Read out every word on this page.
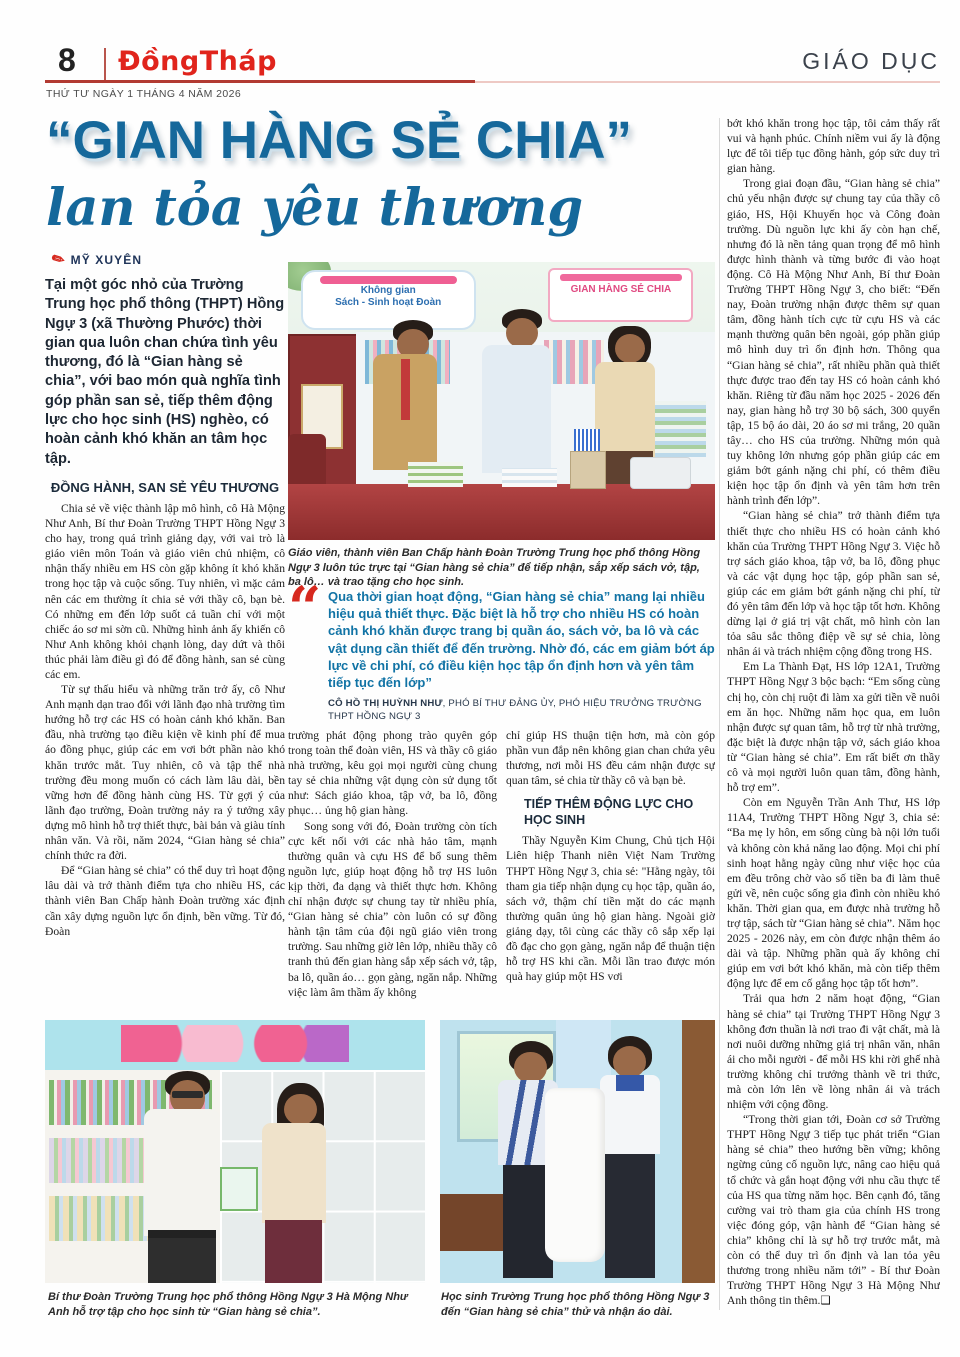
8 ĐồngTháp
THỨ TƯ NGÀY 1 THÁNG 4 NĂM 2026
GIÁO DỤC
“GIAN HÀNG SẺ CHIA”
lan tỏa yêu thương
✎ MỸ XUYÊN

Tại một góc nhỏ của Trường Trung học phổ thông (THPT) Hồng Ngự 3 (xã Thường Phước) thời gian qua luôn chan chứa tình yêu thương, đó là “Gian hàng sẻ chia”, với bao món quà nghĩa tình góp phần san sẻ, tiếp thêm động lực cho học sinh (HS) nghèo, có hoàn cảnh khó khăn an tâm học tập.

ĐỒNG HÀNH, SAN SẺ YÊU THƯƠNG

Chia sẻ về việc thành lập mô hình, cô Hà Mộng Như Anh, Bí thư Đoàn Trường THPT Hồng Ngự 3 cho hay, trong quá trình giảng dạy, với vai trò là giáo viên môn Toán và giáo viên chủ nhiệm, cô nhận thấy nhiều em HS còn gặp không ít khó khăn trong học tập và cuộc sống. Tuy nhiên, vì mặc cảm nên các em thường ít chia sẻ với thầy cô, bạn bè. Có những em đến lớp suốt cả tuần chỉ với một chiếc áo sơ mi sờn cũ. Những hình ảnh ấy khiến cô Như Anh không khỏi chạnh lòng, day dứt và thôi thúc phải làm điều gì đó để đồng hành, san sẻ cùng các em.

Từ sự thấu hiểu và những trăn trở ấy, cô Như Anh mạnh dạn trao đổi với lãnh đạo nhà trường tìm hướng hỗ trợ các HS có hoàn cảnh khó khăn. Ban đầu, nhà trường tạo điều kiện về kinh phí để mua áo đồng phục, giúp các em vơi bớt phần nào khó khăn trước mắt. Tuy nhiên, cô và tập thể nhà trường đều mong muốn có cách làm lâu dài, bền vững hơn để đồng hành cùng HS. Từ gợi ý của lãnh đạo trường, Đoàn trường nảy ra ý tưởng xây dựng mô hình hỗ trợ thiết thực, bài bản và giàu tính nhân văn. Và rồi, năm 2024, “Gian hàng sẻ chia” chính thức ra đời.

Để “Gian hàng sẻ chia” có thể duy trì hoạt động lâu dài và trở thành điểm tựa cho nhiều HS, các thành viên Ban Chấp hành Đoàn trường xác định cần xây dựng nguồn lực ổn định, bền vững. Từ đó, Đoàn

Không gian
Sách - Sinh hoạt Đoàn
GIAN HÀNG SẺ CHIA
Giáo viên, thành viên Ban Chấp hành Đoàn Trường Trung học phổ thông Hồng Ngự 3 luôn túc trực tại “Gian hàng sẻ chia” để tiếp nhận, sắp xếp sách vở, tập, ba lô… và trao tặng cho học sinh.
“ Qua thời gian hoạt động, “Gian hàng sẻ chia” mang lại nhiều hiệu quả thiết thực. Đặc biệt là hỗ trợ cho nhiều HS có hoàn cảnh khó khăn được trang bị quần áo, sách vở, ba lô và các vật dụng cần thiết để đến trường. Nhờ đó, các em giảm bớt áp lực về chi phí, có điều kiện học tập ổn định hơn và yên tâm tiếp tục đến lớp”

CÔ HỒ THỊ HUỲNH NHƯ, PHÓ BÍ THƯ ĐẢNG ỦY, PHÓ HIỆU TRƯỞNG TRƯỜNG THPT HỒNG NGỰ 3

trường phát động phong trào quyên góp trong toàn thể đoàn viên, HS và thầy cô giáo nhà trường, kêu gọi mọi người cùng chung tay sẻ chia những vật dụng còn sử dụng tốt như: Sách giáo khoa, tập vở, ba lô, đồng phục… ủng hộ gian hàng.

Song song với đó, Đoàn trường còn tích cực kết nối với các nhà hảo tâm, mạnh thường quân và cựu HS để bổ sung thêm nguồn lực, giúp hoạt động hỗ trợ HS luôn kịp thời, đa dạng và thiết thực hơn. Không chỉ nhận được sự chung tay từ nhiều phía, “Gian hàng sẻ chia” còn luôn có sự đồng hành tận tâm của đội ngũ giáo viên trong trường. Sau những giờ lên lớp, nhiều thầy cô tranh thủ đến gian hàng sắp xếp sách vở, tập, ba lô, quần áo… gọn gàng, ngăn nắp. Những việc làm âm thầm ấy không

chỉ giúp HS thuận tiện hơn, mà còn góp phần vun đắp nên không gian chan chứa yêu thương, nơi mỗi HS đều cảm nhận được sự quan tâm, sẻ chia từ thầy cô và bạn bè.

TIẾP THÊM ĐỘNG LỰC CHO HỌC SINH

Thầy Nguyễn Kim Chung, Chủ tịch Hội Liên hiệp Thanh niên Việt Nam Trường THPT Hồng Ngự 3, chia sẻ: "Hằng ngày, tôi tham gia tiếp nhận dụng cụ học tập, quần áo, sách vở, thậm chí tiền mặt do các mạnh thường quân ủng hộ gian hàng. Ngoài giờ giảng dạy, tôi cùng các thầy cô sắp xếp lại đồ đạc cho gọn gàng, ngăn nắp để thuận tiện hỗ trợ HS khi cần. Mỗi lần trao được món quà hay giúp một HS vơi

bớt khó khăn trong học tập, tôi cảm thấy rất vui và hạnh phúc. Chính niềm vui ấy là động lực để tôi tiếp tục đồng hành, góp sức duy trì gian hàng.

Trong giai đoạn đầu, “Gian hàng sẻ chia” chủ yếu nhận được sự chung tay của thầy cô giáo, HS, Hội Khuyến học và Công đoàn trường. Dù nguồn lực khi ấy còn hạn chế, nhưng đó là nền tảng quan trọng để mô hình được hình thành và từng bước đi vào hoạt động. Cô Hà Mộng Như Anh, Bí thư Đoàn Trường THPT Hồng Ngự 3, cho biết: “Đến nay, Đoàn trường nhận được thêm sự quan tâm, đồng hành tích cực từ cựu HS và các mạnh thường quân bên ngoài, góp phần giúp mô hình duy trì ổn định hơn. Thông qua “Gian hàng sẻ chia”, rất nhiều phần quà thiết thực được trao đến tay HS có hoàn cảnh khó khăn. Riêng từ đầu năm học 2025 - 2026 đến nay, gian hàng hỗ trợ 30 bộ sách, 300 quyển tập, 15 bộ áo dài, 20 áo sơ mi trắng, 20 quần tây… cho HS của trường. Những món quà tuy không lớn nhưng góp phần giúp các em giảm bớt gánh nặng chi phí, có thêm điều kiện học tập ổn định và yên tâm hơn trên hành trình đến lớp”.

“Gian hàng sẻ chia” trở thành điểm tựa thiết thực cho nhiều HS có hoàn cảnh khó khăn của Trường THPT Hồng Ngự 3. Việc hỗ trợ sách giáo khoa, tập vở, ba lô, đồng phục và các vật dụng học tập, góp phần san sẻ, giúp các em giảm bớt gánh nặng chi phí, từ đó yên tâm đến lớp và học tập tốt hơn. Không dừng lại ở giá trị vật chất, mô hình còn lan tỏa sâu sắc thông điệp về sự sẻ chia, lòng nhân ái và trách nhiệm cộng đồng trong HS.

Em La Thành Đạt, HS lớp 12A1, Trường THPT Hồng Ngự 3 bộc bạch: “Em sống cùng chị họ, còn chị ruột đi làm xa gửi tiền về nuôi em ăn học. Những năm học qua, em luôn nhận được sự quan tâm, hỗ trợ từ nhà trường, đặc biệt là được nhận tập vở, sách giáo khoa từ “Gian hàng sẻ chia”. Em rất biết ơn thầy cô và mọi người luôn quan tâm, đồng hành, hỗ trợ em”.

Còn em Nguyễn Trần Anh Thư, HS lớp 11A4, Trường THPT Hồng Ngự 3, chia sẻ: “Ba mẹ ly hôn, em sống cùng bà nội lớn tuổi và không còn khả năng lao động. Mọi chi phí sinh hoạt hằng ngày cũng như việc học của em đều trông chờ vào số tiền ba đi làm thuê gửi về, nên cuộc sống gia đình còn nhiều khó khăn. Thời gian qua, em được nhà trường hỗ trợ tập, sách từ “Gian hàng sẻ chia”. Năm học 2025 - 2026 này, em còn được nhận thêm áo dài và tập. Những phần quà ấy không chỉ giúp em vơi bớt khó khăn, mà còn tiếp thêm động lực để em cố gắng học tập tốt hơn”.

Trải qua hơn 2 năm hoạt động, “Gian hàng sẻ chia” tại Trường THPT Hồng Ngự 3 không đơn thuần là nơi trao đi vật chất, mà là nơi nuôi dưỡng những giá trị nhân văn, nhân ái cho mỗi người - để mỗi HS khi rời ghế nhà trường không chỉ trưởng thành về tri thức, mà còn lớn lên về lòng nhân ái và trách nhiệm với cộng đồng.

“Trong thời gian tới, Đoàn cơ sở Trường THPT Hồng Ngự 3 tiếp tục phát triển “Gian hàng sẻ chia” theo hướng bền vững; không ngừng củng cố nguồn lực, nâng cao hiệu quả tổ chức và gắn hoạt động với nhu cầu thực tế của HS qua từng năm học. Bên cạnh đó, tăng cường vai trò tham gia của chính HS trong việc đóng góp, vận hành để “Gian hàng sẻ chia” không chỉ là sự hỗ trợ trước mắt, mà còn có thể duy trì ổn định và lan tỏa yêu thương trong nhiều năm tới” - Bí thư Đoàn Trường THPT Hồng Ngự 3 Hà Mộng Như Anh thông tin thêm.❑

Bí thư Đoàn Trường Trung học phổ thông Hồng Ngự 3 Hà Mộng Như Anh hỗ trợ tập cho học sinh từ “Gian hàng sẻ chia”.
Học sinh Trường Trung học phổ thông Hồng Ngự 3 đến “Gian hàng sẻ chia” thử và nhận áo dài.
